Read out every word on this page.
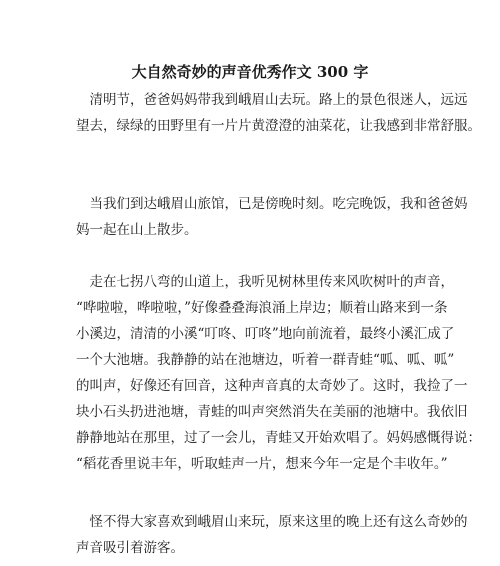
大自然奇妙的声音优秀作文 300 字
　清明节，爸爸妈妈带我到峨眉山去玩。路上的景色很迷人，远远
望去，绿绿的田野里有一片片黄澄澄的油菜花，让我感到非常舒服。
　当我们到达峨眉山旅馆，已是傍晚时刻。吃完晚饭，我和爸爸妈
妈一起在山上散步。
　走在七拐八弯的山道上，我听见树林里传来风吹树叶的声音，
“哗啦啦，哗啦啦，”好像叠叠海浪涌上岸边；顺着山路来到一条
小溪边，清清的小溪“叮咚、叮咚”地向前流着，最终小溪汇成了
一个大池塘。我静静的站在池塘边，听着一群青蛙“呱、呱、呱”
的叫声，好像还有回音，这种声音真的太奇妙了。这时，我捡了一
块小石头扔进池塘，青蛙的叫声突然消失在美丽的池塘中。我依旧
静静地站在那里，过了一会儿，青蛙又开始欢唱了。妈妈感慨得说：
“稻花香里说丰年，听取蛙声一片，想来今年一定是个丰收年。”
　怪不得大家喜欢到峨眉山来玩，原来这里的晚上还有这么奇妙的
声音吸引着游客。
